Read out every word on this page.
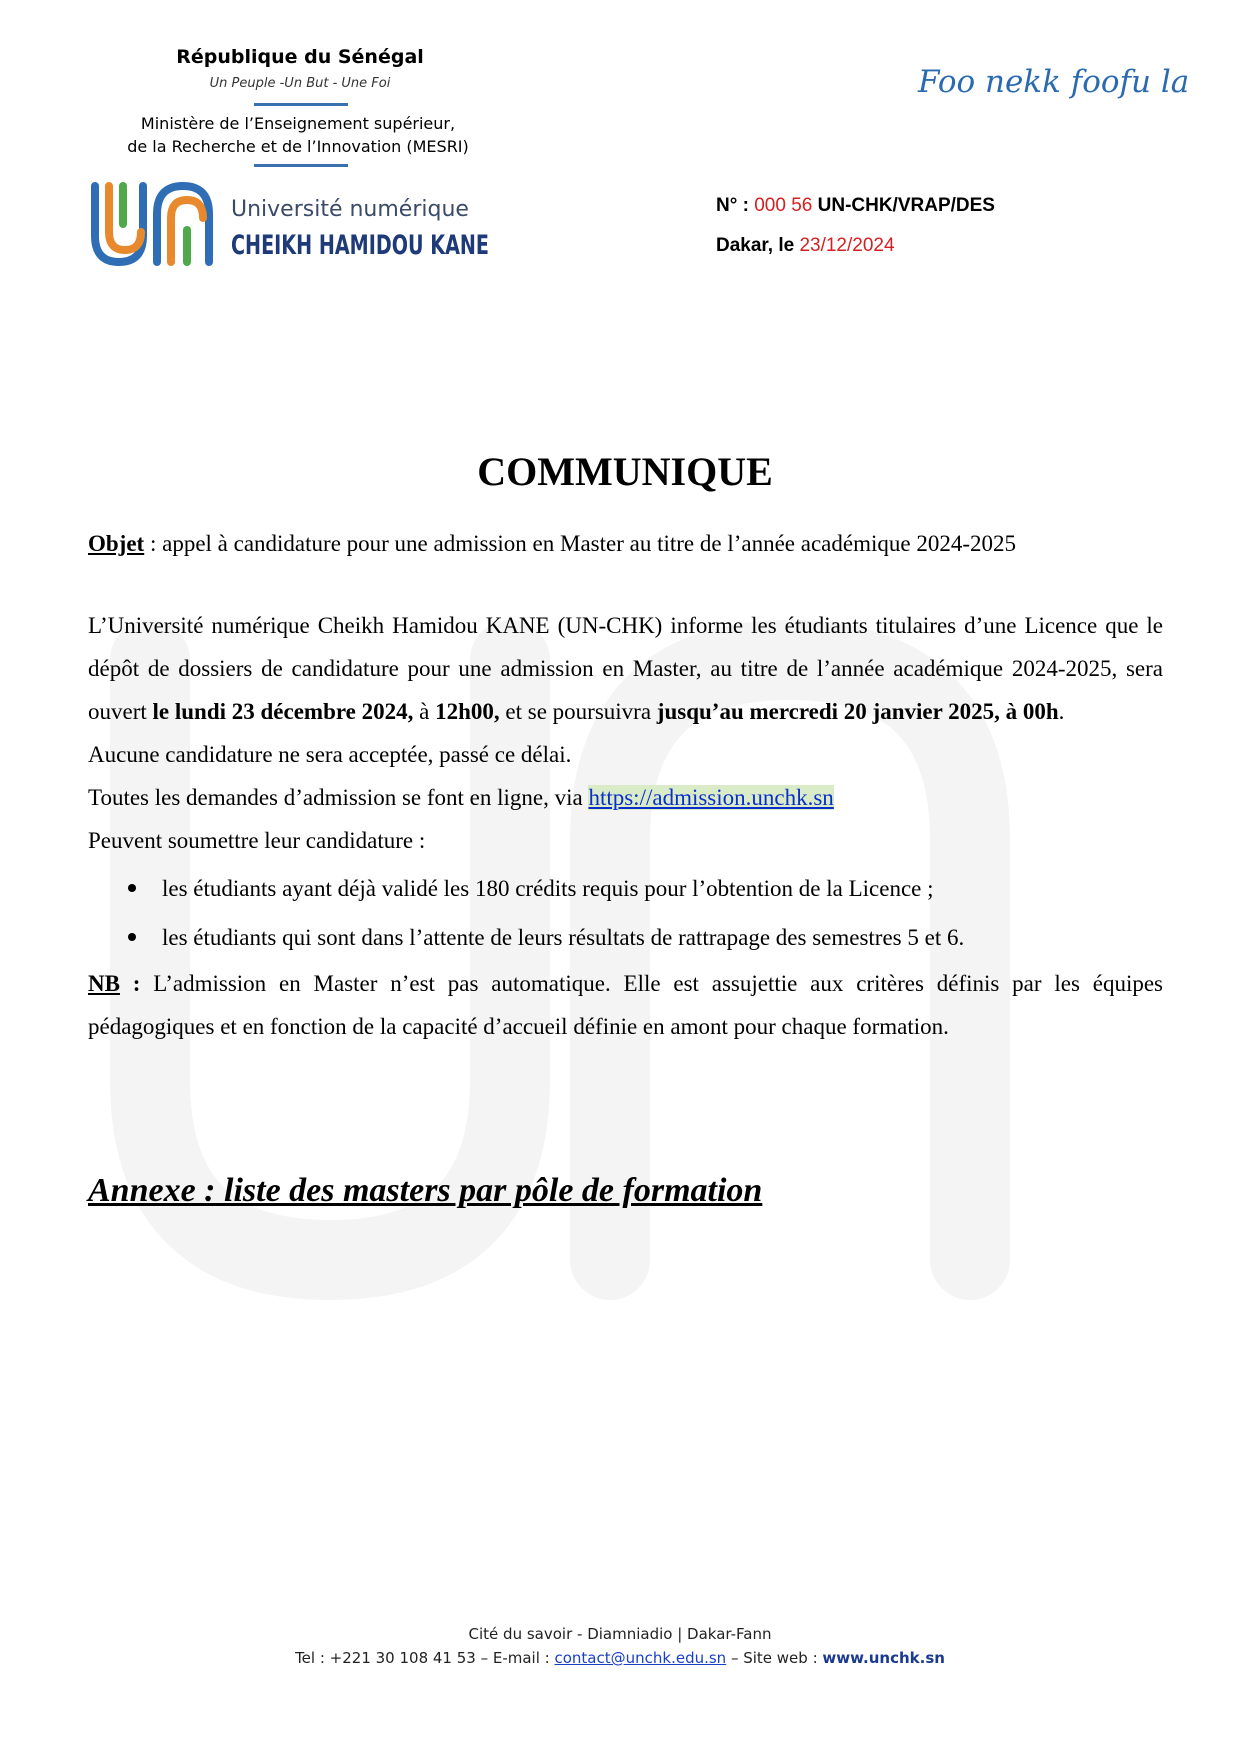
République du Sénégal
Un Peuple -Un But - Une Foi
Ministère de l’Enseignement supérieur,
de la Recherche et de l’Innovation (MESRI)
Université numérique
CHEIKH HAMIDOU KANE
Foo nekk foofu la
N° : 000 56 UN-CHK/VRAP/DES
Dakar, le 23/12/2024
COMMUNIQUE

Objet : appel à candidature pour une admission en Master au titre de l’année académique 2024-2025

L’Université numérique Cheikh Hamidou KANE (UN-CHK) informe les étudiants titulaires d’une Licence que le dépôt de dossiers de candidature pour une admission en Master, au titre de l’année académique 2024-2025, sera ouvert le lundi 23 décembre 2024, à 12h00, et se poursuivra jusqu’au mercredi 20 janvier 2025, à 00h.

Aucune candidature ne sera acceptée, passé ce délai.

Toutes les demandes d’admission se font en ligne, via https://admission.unchk.sn

Peuvent soumettre leur candidature :

les étudiants ayant déjà validé les 180 crédits requis pour l’obtention de la Licence ;
les étudiants qui sont dans l’attente de leurs résultats de rattrapage des semestres 5 et 6.

NB : L’admission en Master n’est pas automatique. Elle est assujettie aux critères définis par les équipes pédagogiques et en fonction de la capacité d’accueil définie en amont pour chaque formation.

Annexe : liste des masters par pôle de formation
Cité du savoir - Diamniadio | Dakar-Fann
Tel : +221 30 108 41 53 – E-mail : contact@unchk.edu.sn – Site web : www.unchk.sn
